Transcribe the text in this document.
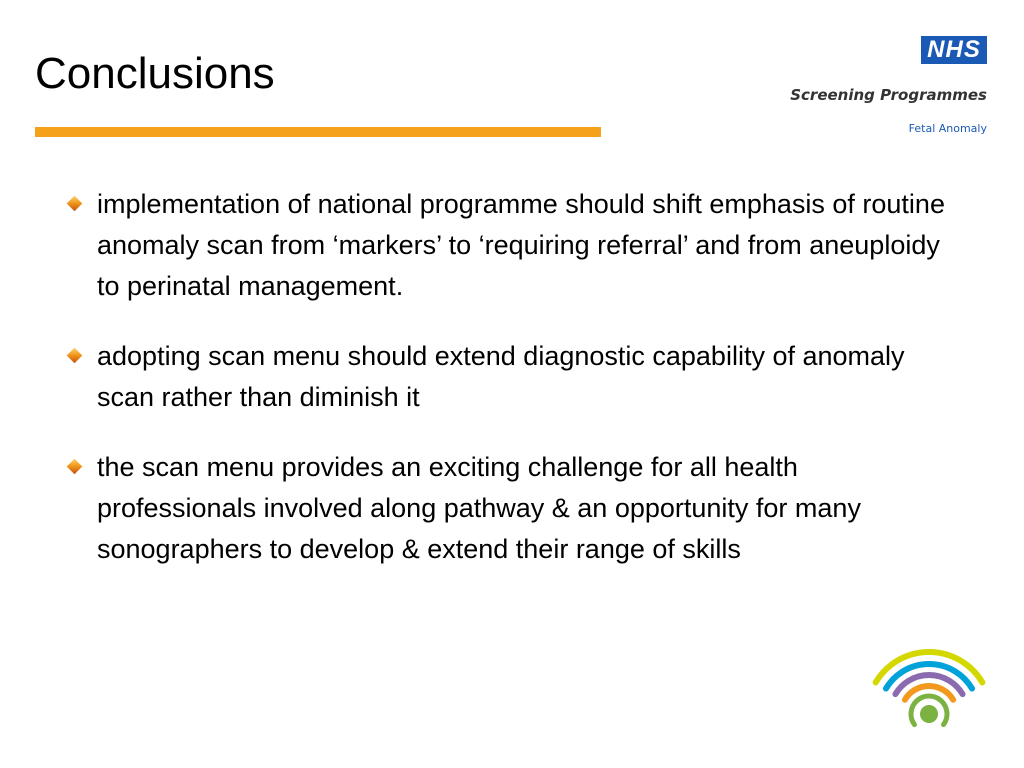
Conclusions	NHS
Screening Programmes
Fetal Anomaly
implementation of national programme should shift emphasis of routine anomaly scan from ‘markers’ to ‘requiring referral’ and from aneuploidy to perinatal management.
adopting scan menu should extend diagnostic capability of anomaly scan rather than diminish it
the scan menu provides an exciting challenge for all health professionals involved along pathway & an opportunity for many sonographers to develop & extend their range of skills
